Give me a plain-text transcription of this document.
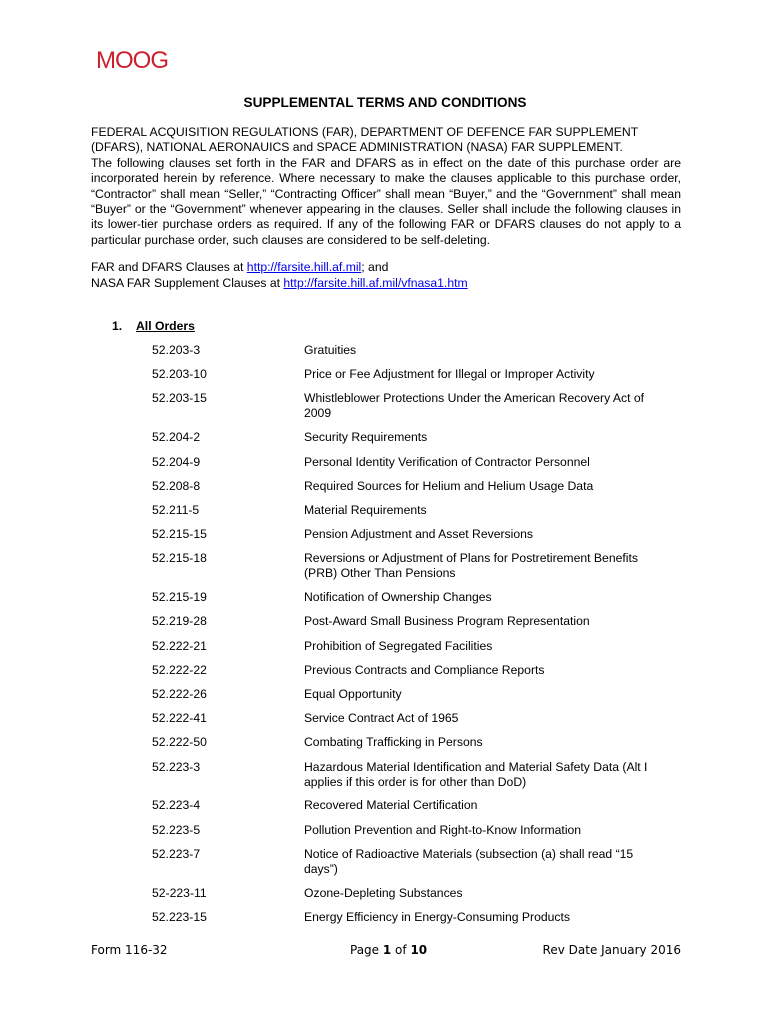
MOOG
SUPPLEMENTAL TERMS AND CONDITIONS

FEDERAL ACQUISITION REGULATIONS (FAR), DEPARTMENT OF DEFENCE FAR SUPPLEMENT

(DFARS), NATIONAL AERONAUICS and SPACE ADMINISTRATION (NASA) FAR SUPPLEMENT.

The following clauses set forth in the FAR and DFARS as in effect on the date of this purchase order are incorporated herein by reference. Where necessary to make the clauses applicable to this purchase order, “Contractor” shall mean “Seller,” “Contracting Officer” shall mean “Buyer,” and the “Government” shall mean “Buyer” or the “Government” whenever appearing in the clauses. Seller shall include the following clauses in its lower-tier purchase orders as required. If any of the following FAR or DFARS clauses do not apply to a particular purchase order, such clauses are considered to be self-deleting.

FAR and DFARS Clauses at http://farsite.hill.af.mil; and
NASA FAR Supplement Clauses at http://farsite.hill.af.mil/vfnasa1.htm
1. All Orders
52.203-3	Gratuities
52.203-10	Price or Fee Adjustment for Illegal or Improper Activity
52.203-15	Whistleblower Protections Under the American Recovery Act of 2009
52.204-2	Security Requirements
52.204-9	Personal Identity Verification of Contractor Personnel
52.208-8	Required Sources for Helium and Helium Usage Data
52.211-5	Material Requirements
52.215-15	Pension Adjustment and Asset Reversions
52.215-18	Reversions or Adjustment of Plans for Postretirement Benefits (PRB) Other Than Pensions
52.215-19	Notification of Ownership Changes
52.219-28	Post-Award Small Business Program Representation
52.222-21	Prohibition of Segregated Facilities
52.222-22	Previous Contracts and Compliance Reports
52.222-26	Equal Opportunity
52.222-41	Service Contract Act of 1965
52.222-50	Combating Trafficking in Persons
52.223-3	Hazardous Material Identification and Material Safety Data (Alt I applies if this order is for other than DoD)
52.223-4	Recovered Material Certification
52.223-5	Pollution Prevention and Right-to-Know Information
52.223-7	Notice of Radioactive Materials (subsection (a) shall read “15 days”)
52-223-11	Ozone-Depleting Substances
52.223-15	Energy Efficiency in Energy-Consuming Products
Form 116-32	Page 1 of 10	Rev Date January 2016
